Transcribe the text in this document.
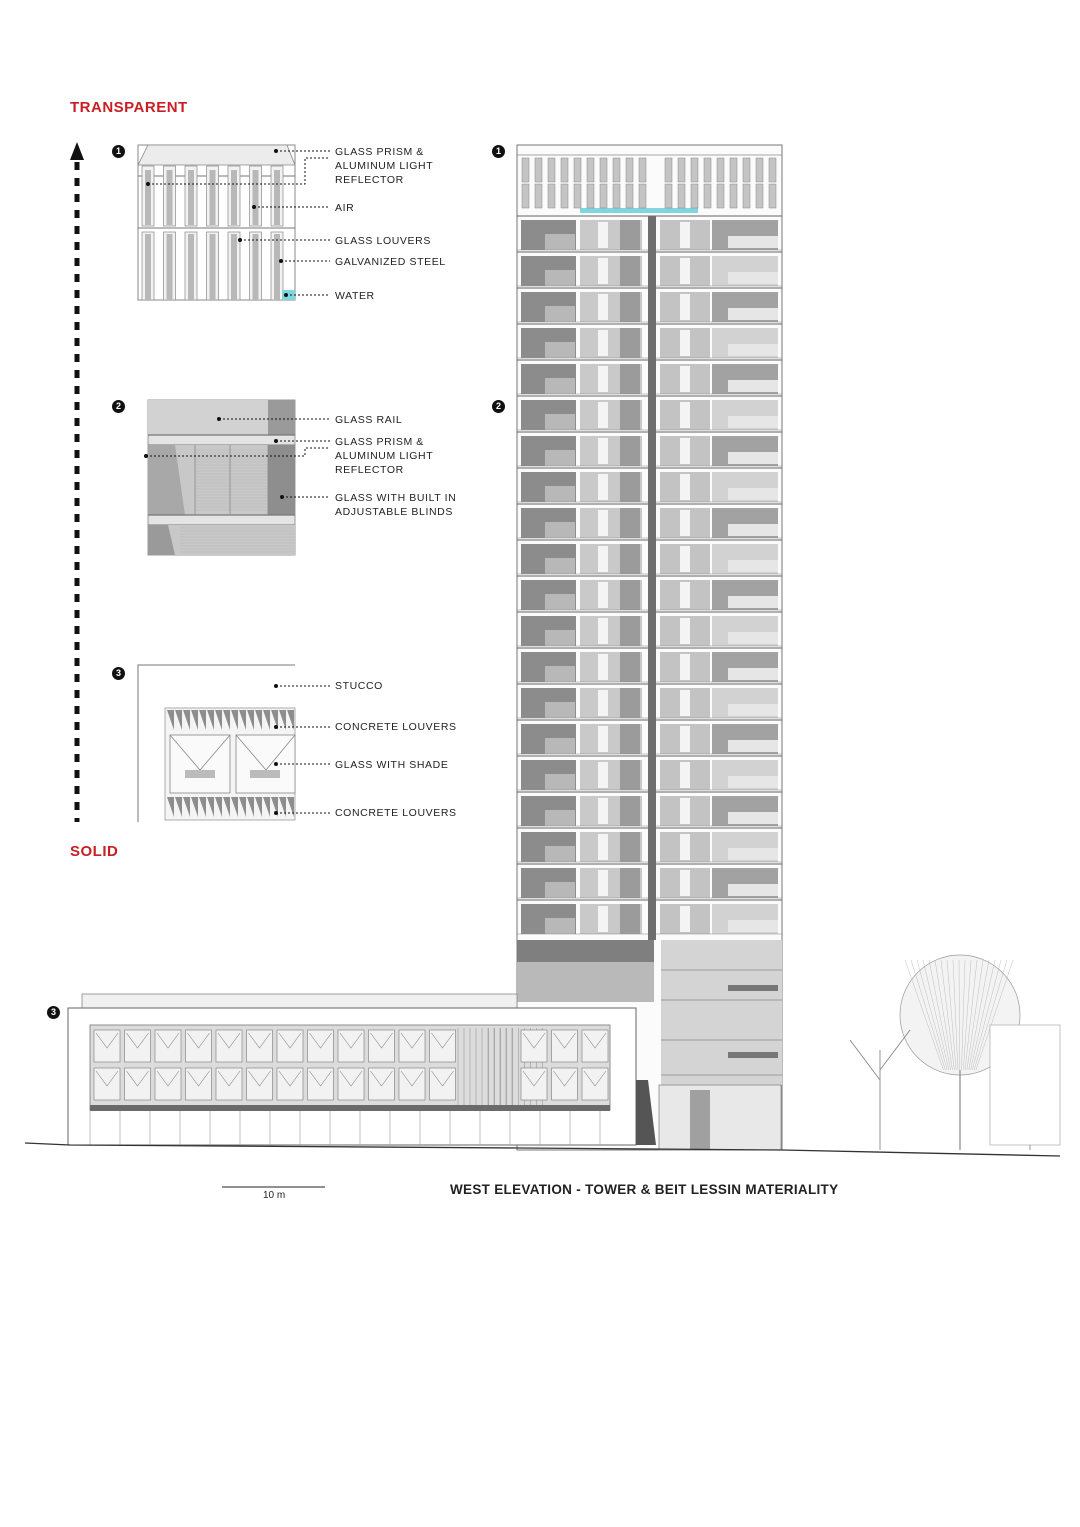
TRANSPARENT
SOLID
1
2
3
1
2
3
GLASS PRISM &
ALUMINUM LIGHT
REFLECTOR
AIR
GLASS LOUVERS
GALVANIZED STEEL
WATER
GLASS RAIL
GLASS PRISM &
ALUMINUM LIGHT
REFLECTOR
GLASS WITH BUILT IN
ADJUSTABLE BLINDS
STUCCO
CONCRETE LOUVERS
GLASS WITH SHADE
CONCRETE LOUVERS
10 m	WEST ELEVATION - TOWER & BEIT LESSIN MATERIALITY
